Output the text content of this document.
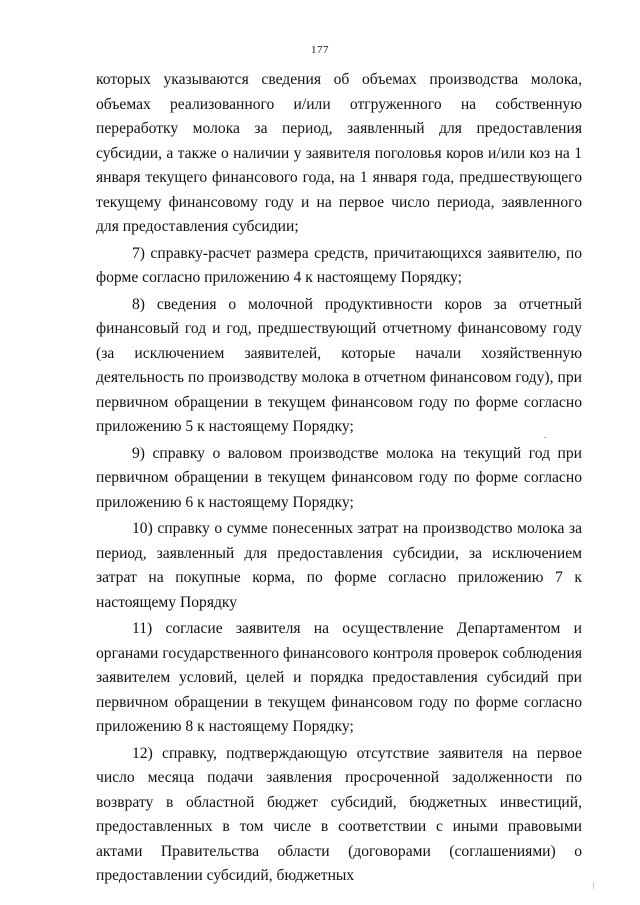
177

которых указываются сведения об объемах производства молока, объемах реализованного и/или отгруженного на собственную переработку молока за период, заявленный для предоставления субсидии, а также о наличии у заявителя поголовья коров и/или коз на 1 января текущего финансового года, на 1 января года, предшествующего текущему финансовому году и на первое число периода, заявленного для предоставления субсидии;

7) справку-расчет размера средств, причитающихся заявителю, по форме согласно приложению 4 к настоящему Порядку;

8) сведения о молочной продуктивности коров за отчетный финансовый год и год, предшествующий отчетному финансовому году (за исключением заявителей, которые начали хозяйственную деятельность по производству молока в отчетном финансовом году), при первичном обращении в текущем финансовом году по форме согласно приложению 5 к настоящему Порядку;

9) справку о валовом производстве молока на текущий год при первичном обращении в текущем финансовом году по форме согласно приложению 6 к настоящему Порядку;

10) справку о сумме понесенных затрат на производство молока за период, заявленный для предоставления субсидии, за исключением затрат на покупные корма, по форме согласно приложению 7 к настоящему Порядку

11) согласие заявителя на осуществление Департаментом и органами государственного финансового контроля проверок соблюдения заявителем условий, целей и порядка предоставления субсидий при первичном обращении в текущем финансовом году по форме согласно приложению 8 к настоящему Порядку;

12) справку, подтверждающую отсутствие заявителя на первое число месяца подачи заявления просроченной задолженности по возврату в областной бюджет субсидий, бюджетных инвестиций, предоставленных в том числе в соответствии с иными правовыми актами Правительства области (договорами (соглашениями) о предоставлении субсидий, бюджетных
